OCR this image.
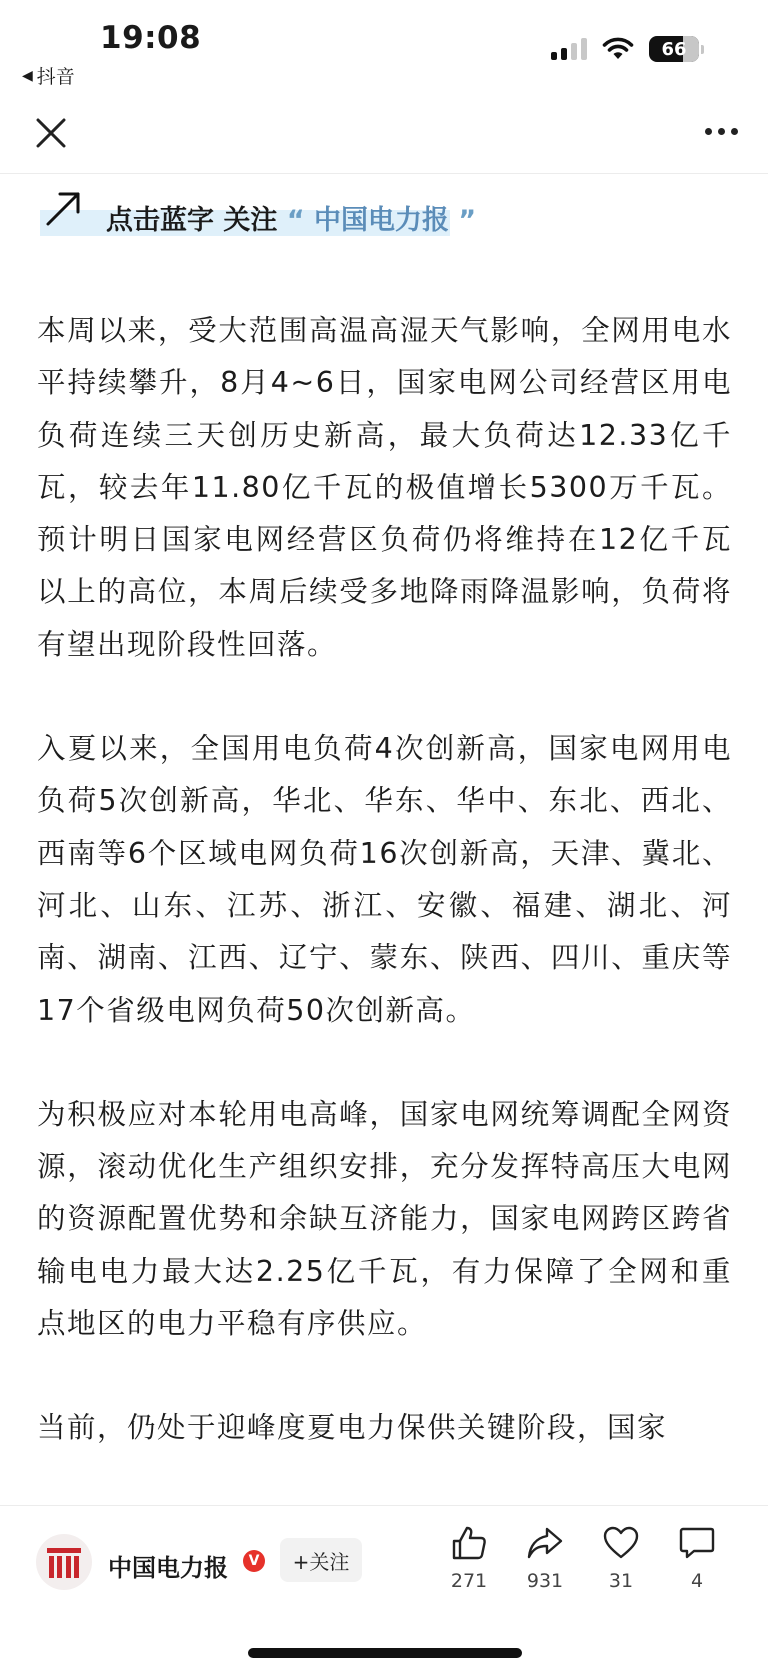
19:08
◀ 抖音
66
点击蓝字 关注 “ 中国电力报 ”

本周以来，受大范围高温高湿天气影响，全网用电水平持续攀升，8月4~6日，国家电网公司经营区用电负荷连续三天创历史新高，最大负荷达12.33亿千瓦，较去年11.80亿千瓦的极值增长5300万千瓦。预计明日国家电网经营区负荷仍将维持在12亿千瓦以上的高位，本周后续受多地降雨降温影响，负荷将有望出现阶段性回落。

入夏以来，全国用电负荷4次创新高，国家电网用电负荷5次创新高，华北、华东、华中、东北、西北、西南等6个区域电网负荷16次创新高，天津、冀北、河北、山东、江苏、浙江、安徽、福建、湖北、河南、湖南、江西、辽宁、蒙东、陕西、四川、重庆等17个省级电网负荷50次创新高。

为积极应对本轮用电高峰，国家电网统筹调配全网资源，滚动优化生产组织安排，充分发挥特高压大电网的资源配置优势和余缺互济能力，国家电网跨区跨省输电电力最大达2.25亿千瓦，有力保障了全网和重点地区的电力平稳有序供应。

当前，仍处于迎峰度夏电力保供关键阶段，国家

中国电力报	V	+关注
271	931	31	4
